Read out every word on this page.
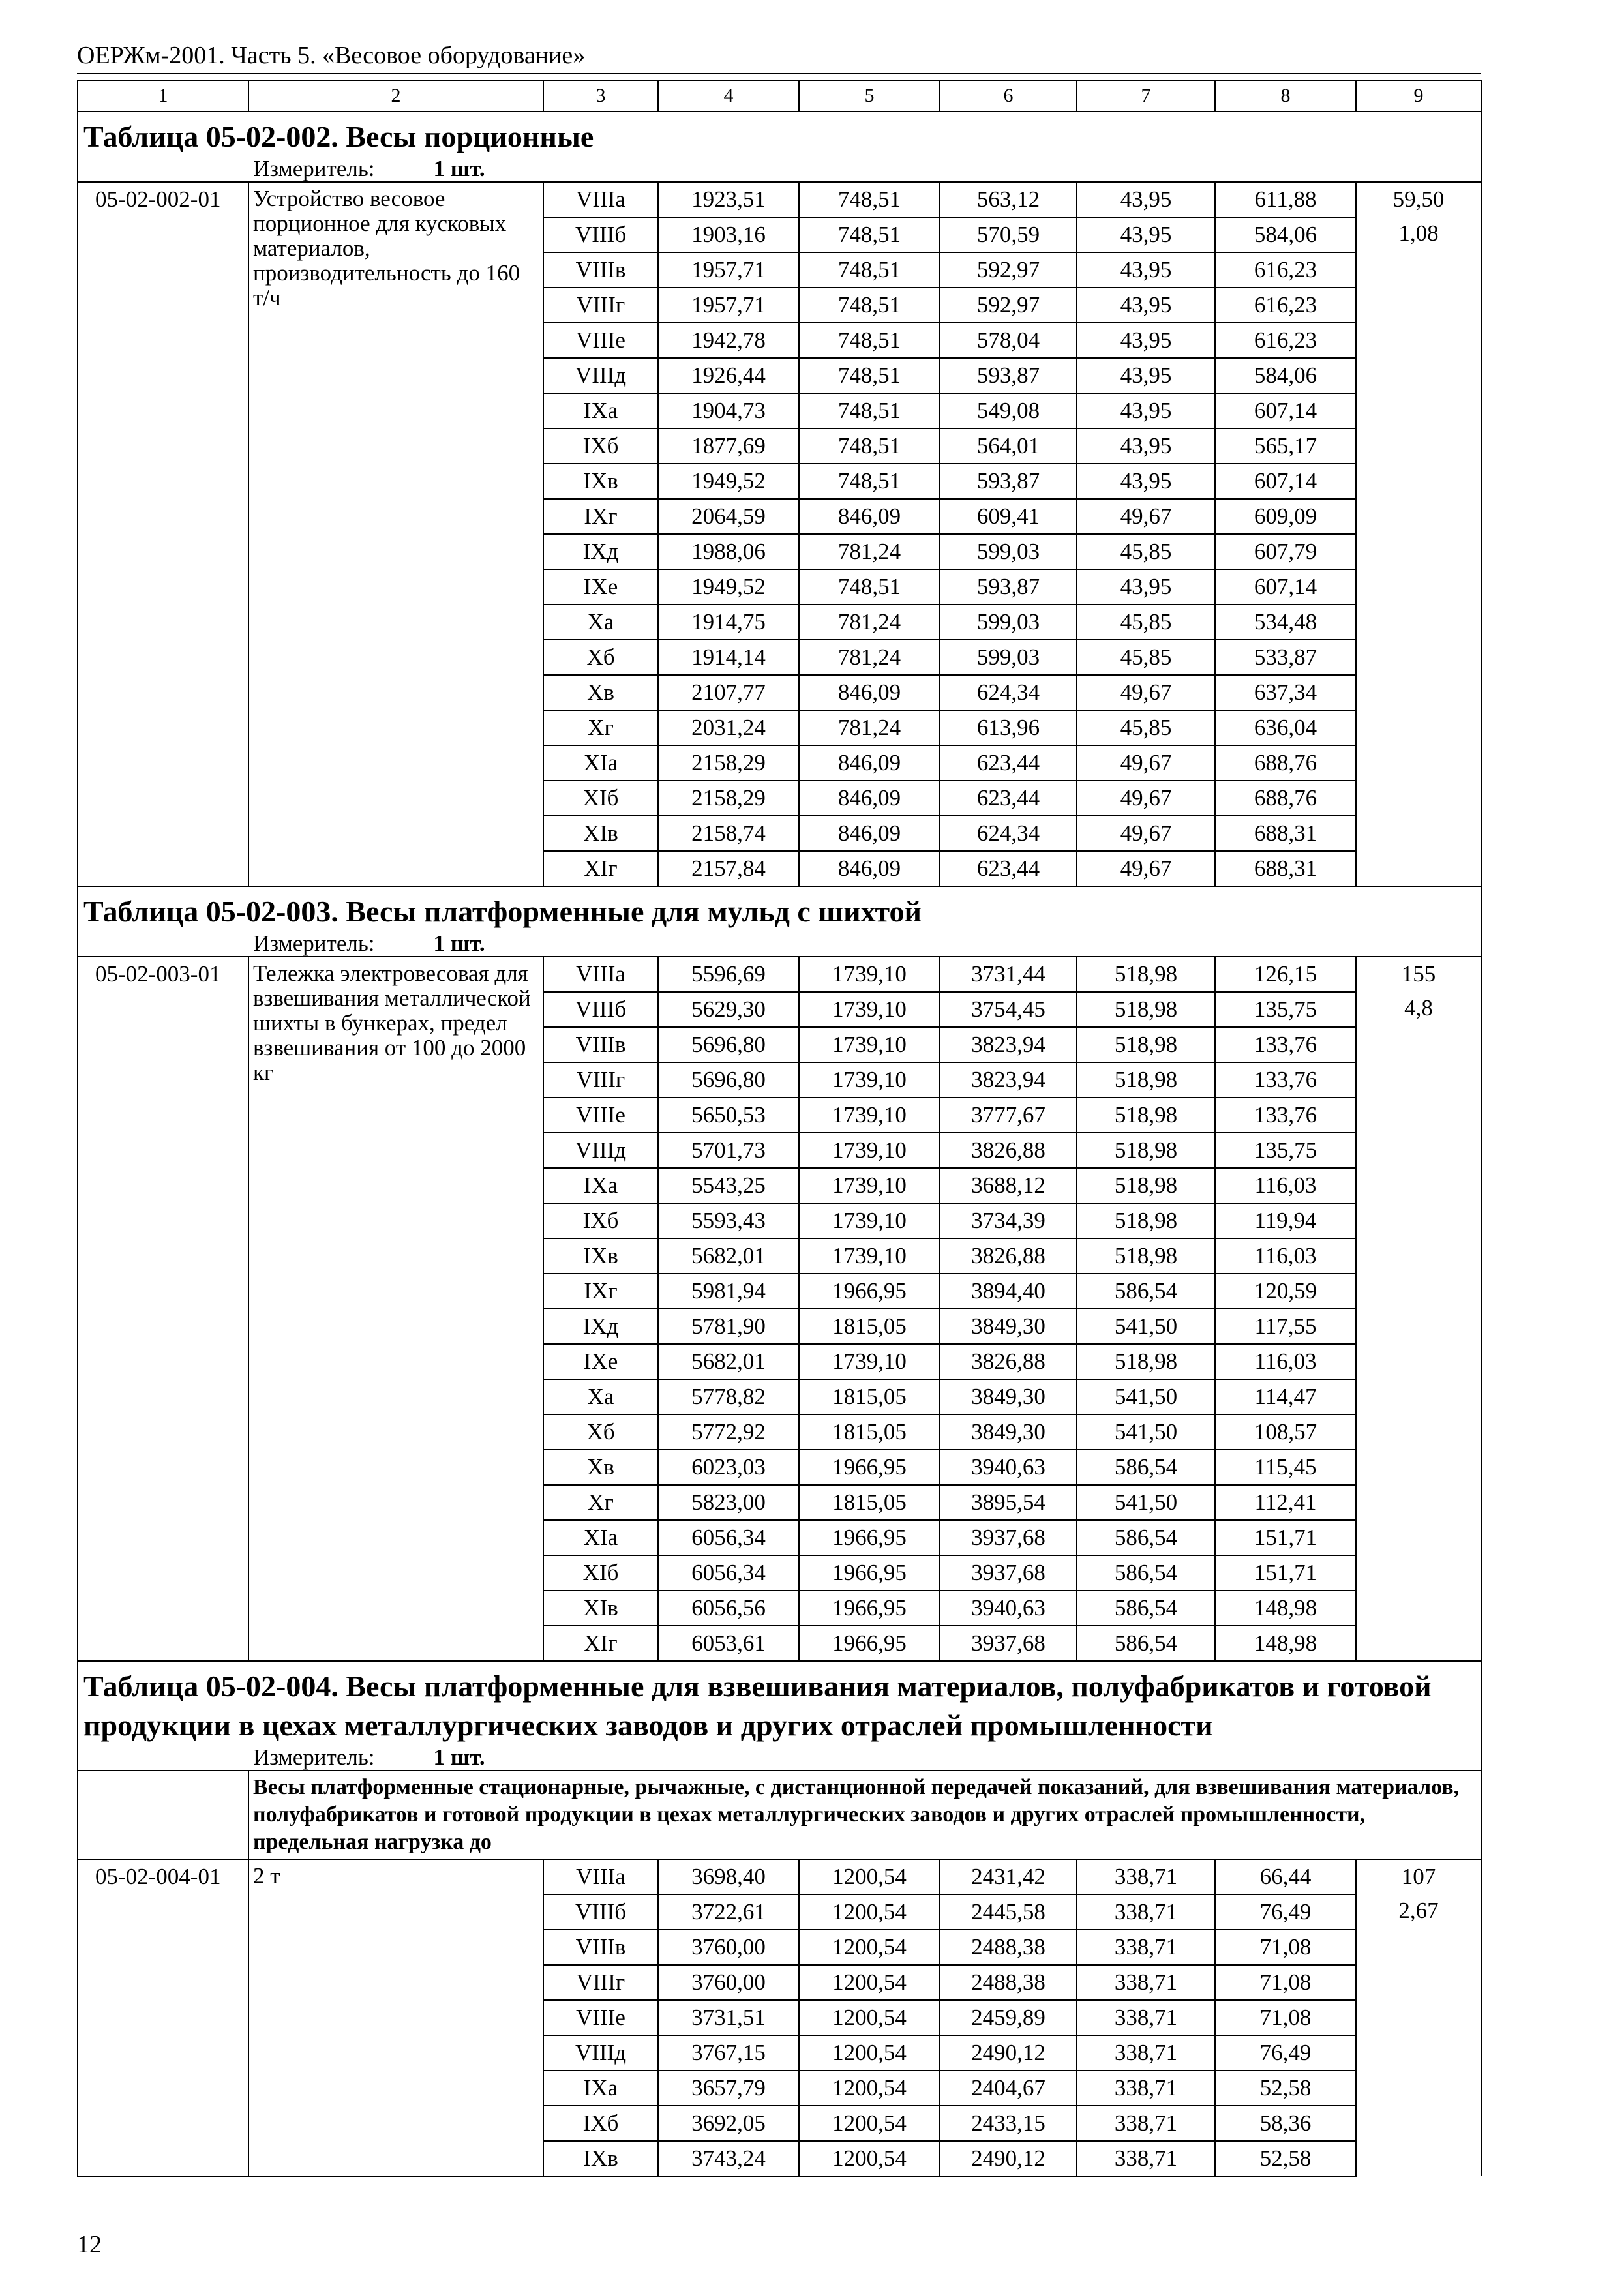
ОЕРЖм-2001. Часть 5. «Весовое оборудование»
1	2	3	4	5	6	7	8	9
Таблица 05-02-002. Весы порционные								

Измеритель: 1 шт.								

05-02-002-01	Устройство весовое порционное для кусковых материалов, производительность до 160 т/ч	VIIIa	1923,51	748,51	563,12	43,95	611,88	59,50
1,08

		VIIIб	1903,16	748,51	570,59	43,95	584,06	
		VIIIв	1957,71	748,51	592,97	43,95	616,23	
		VIIIг	1957,71	748,51	592,97	43,95	616,23	
		VIIIе	1942,78	748,51	578,04	43,95	616,23	
		VIIIд	1926,44	748,51	593,87	43,95	584,06	
		IXa	1904,73	748,51	549,08	43,95	607,14	
		IXб	1877,69	748,51	564,01	43,95	565,17	
		IXв	1949,52	748,51	593,87	43,95	607,14	
		IXг	2064,59	846,09	609,41	49,67	609,09	
		IXд	1988,06	781,24	599,03	45,85	607,79	
		IXe	1949,52	748,51	593,87	43,95	607,14	
		Xa	1914,75	781,24	599,03	45,85	534,48	
		Xб	1914,14	781,24	599,03	45,85	533,87	
		Xв	2107,77	846,09	624,34	49,67	637,34	
		Xг	2031,24	781,24	613,96	45,85	636,04	
		XIa	2158,29	846,09	623,44	49,67	688,76	
		XIб	2158,29	846,09	623,44	49,67	688,76	
		XIв	2158,74	846,09	624,34	49,67	688,31	
		XIг	2157,84	846,09	623,44	49,67	688,31	
Таблица 05-02-003. Весы платформенные для мульд с шихтой								

Измеритель: 1 шт.								

05-02-003-01	Тележка электровесовая для взвешивания металлической шихты в бункерах, предел взвешивания от 100 до 2000 кг	VIIIa	5596,69	1739,10	3731,44	518,98	126,15	155
4,8

		VIIIб	5629,30	1739,10	3754,45	518,98	135,75	
		VIIIв	5696,80	1739,10	3823,94	518,98	133,76	
		VIIIг	5696,80	1739,10	3823,94	518,98	133,76	
		VIIIе	5650,53	1739,10	3777,67	518,98	133,76	
		VIIIд	5701,73	1739,10	3826,88	518,98	135,75	
		IXa	5543,25	1739,10	3688,12	518,98	116,03	
		IXб	5593,43	1739,10	3734,39	518,98	119,94	
		IXв	5682,01	1739,10	3826,88	518,98	116,03	
		IXг	5981,94	1966,95	3894,40	586,54	120,59	
		IXд	5781,90	1815,05	3849,30	541,50	117,55	
		IXe	5682,01	1739,10	3826,88	518,98	116,03	
		Xa	5778,82	1815,05	3849,30	541,50	114,47	
		Xб	5772,92	1815,05	3849,30	541,50	108,57	
		Xв	6023,03	1966,95	3940,63	586,54	115,45	
		Xг	5823,00	1815,05	3895,54	541,50	112,41	
		XIa	6056,34	1966,95	3937,68	586,54	151,71	
		XIб	6056,34	1966,95	3937,68	586,54	151,71	
		XIв	6056,56	1966,95	3940,63	586,54	148,98	
		XIг	6053,61	1966,95	3937,68	586,54	148,98	
Таблица 05-02-004. Весы платформенные для взвешивания материалов, полуфабрикатов и готовой продукции в цехах металлургических заводов и других отраслей промышленности								

Измеритель: 1 шт.								

	Весы платформенные стационарные, рычажные, с дистанционной передачей показаний, для взвешивания материалов, полуфабрикатов и готовой продукции в цехах металлургических заводов и других отраслей промышленности, предельная нагрузка до							
05-02-004-01	2 т	VIIIa	3698,40	1200,54	2431,42	338,71	66,44	107
2,67

		VIIIб	3722,61	1200,54	2445,58	338,71	76,49	
		VIIIв	3760,00	1200,54	2488,38	338,71	71,08	
		VIIIг	3760,00	1200,54	2488,38	338,71	71,08	
		VIIIе	3731,51	1200,54	2459,89	338,71	71,08	
		VIIIд	3767,15	1200,54	2490,12	338,71	76,49	
		IXa	3657,79	1200,54	2404,67	338,71	52,58	
		IXб	3692,05	1200,54	2433,15	338,71	58,36	
		IXв	3743,24	1200,54	2490,12	338,71	52,58	
12
